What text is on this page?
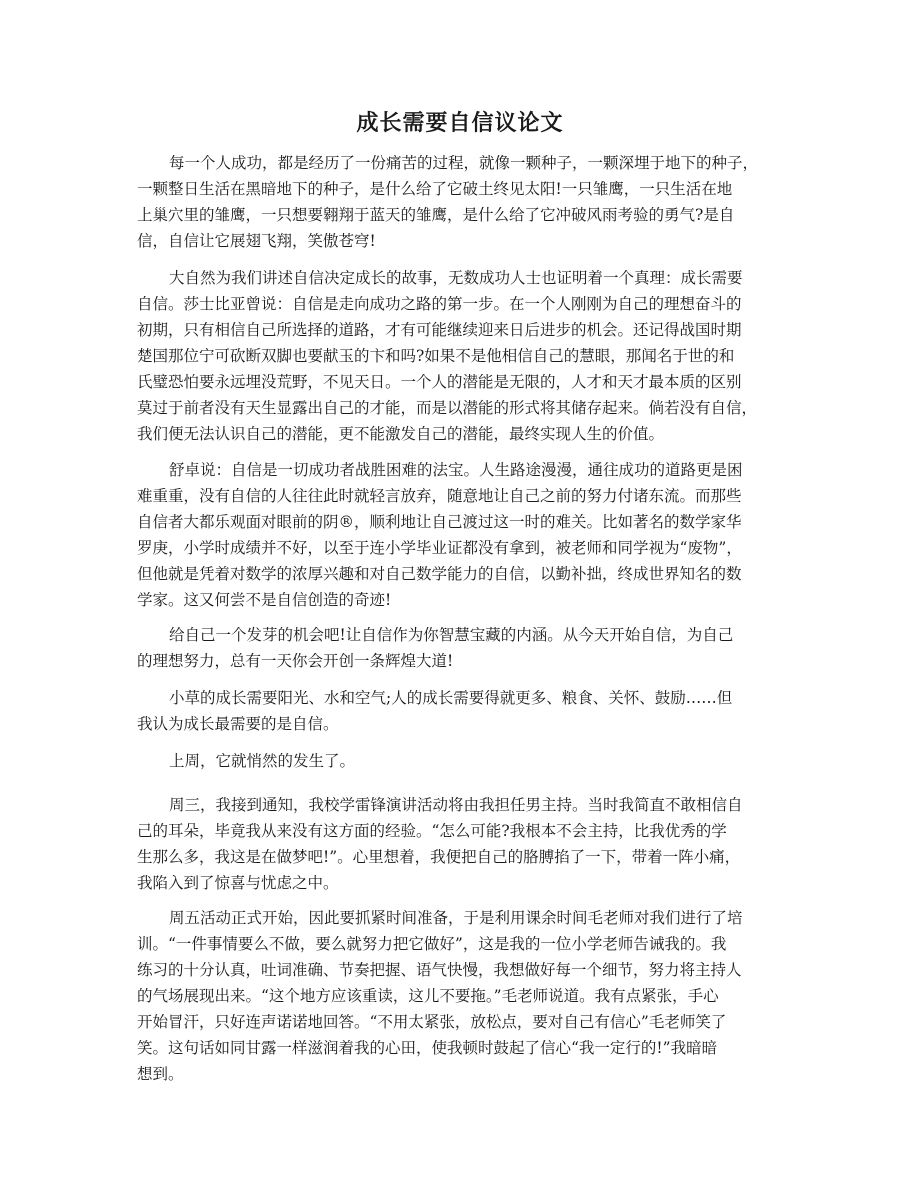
成长需要自信议论文
每一个人成功，都是经历了一份痛苦的过程，就像一颗种子，一颗深埋于地下的种子，
一颗整日生活在黑暗地下的种子，是什么给了它破土终见太阳!一只雏鹰，一只生活在地
上巢穴里的雏鹰，一只想要翱翔于蓝天的雏鹰，是什么给了它冲破风雨考验的勇气?是自
信，自信让它展翅飞翔，笑傲苍穹!
大自然为我们讲述自信决定成长的故事，无数成功人士也证明着一个真理：成长需要
自信。莎士比亚曾说：自信是走向成功之路的第一步。在一个人刚刚为自己的理想奋斗的
初期，只有相信自己所选择的道路，才有可能继续迎来日后进步的机会。还记得战国时期
楚国那位宁可砍断双脚也要献玉的卞和吗?如果不是他相信自己的慧眼，那闻名于世的和
氏璧恐怕要永远埋没荒野，不见天日。一个人的潜能是无限的，人才和天才最本质的区别
莫过于前者没有天生显露出自己的才能，而是以潜能的形式将其储存起来。倘若没有自信，
我们便无法认识自己的潜能，更不能激发自己的潜能，最终实现人生的价值。
舒卓说：自信是一切成功者战胜困难的法宝。人生路途漫漫，通往成功的道路更是困
难重重，没有自信的人往往此时就轻言放弃，随意地让自己之前的努力付诸东流。而那些
自信者大都乐观面对眼前的阴®，顺利地让自己渡过这一时的难关。比如著名的数学家华
罗庚，小学时成绩并不好，以至于连小学毕业证都没有拿到，被老师和同学视为“废物”，
但他就是凭着对数学的浓厚兴趣和对自己数学能力的自信，以勤补拙，终成世界知名的数
学家。这又何尝不是自信创造的奇迹!
给自己一个发芽的机会吧!让自信作为你智慧宝藏的内涵。从今天开始自信，为自己
的理想努力，总有一天你会开创一条辉煌大道!
小草的成长需要阳光、水和空气;人的成长需要得就更多、粮食、关怀、鼓励……但
我认为成长最需要的是自信。
上周，它就悄然的发生了。
周三，我接到通知，我校学雷锋演讲活动将由我担任男主持。当时我简直不敢相信自
己的耳朵，毕竟我从来没有这方面的经验。“怎么可能?我根本不会主持，比我优秀的学
生那么多，我这是在做梦吧!”。心里想着，我便把自己的胳膊掐了一下，带着一阵小痛，
我陷入到了惊喜与忧虑之中。
周五活动正式开始，因此要抓紧时间准备，于是利用课余时间毛老师对我们进行了培
训。“一件事情要么不做，要么就努力把它做好”，这是我的一位小学老师告诫我的。我
练习的十分认真，吐词准确、节奏把握、语气快慢，我想做好每一个细节，努力将主持人
的气场展现出来。“这个地方应该重读，这儿不要拖。”毛老师说道。我有点紧张，手心
开始冒汗，只好连声诺诺地回答。“不用太紧张，放松点，要对自己有信心”毛老师笑了
笑。这句话如同甘露一样滋润着我的心田，使我顿时鼓起了信心“我一定行的!”我暗暗
想到。
